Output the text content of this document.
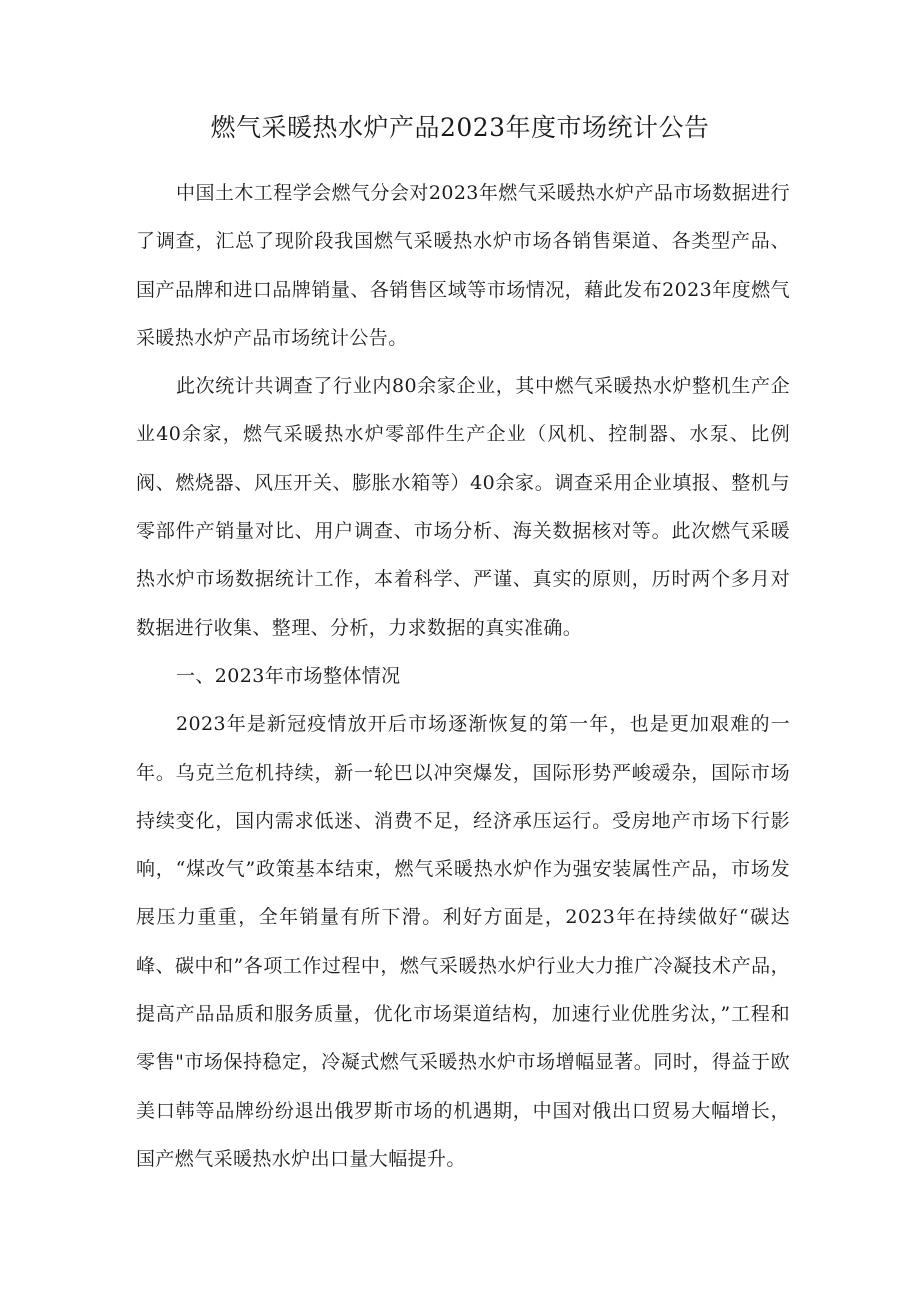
燃气采暖热水炉产品2023年度市场统计公告

中国土木工程学会燃气分会对2023年燃气采暖热水炉产品市场数据进行了调查，汇总了现阶段我国燃气采暖热水炉市场各销售渠道、各类型产品、国产品牌和进口品牌销量、各销售区域等市场情况，藉此发布2023年度燃气采暖热水炉产品市场统计公告。

此次统计共调查了行业内80余家企业，其中燃气采暖热水炉整机生产企业40余家，燃气采暖热水炉零部件生产企业（风机、控制器、水泵、比例阀、燃烧器、风压开关、膨胀水箱等）40余家。调查采用企业填报、整机与零部件产销量对比、用户调查、市场分析、海关数据核对等。此次燃气采暖热水炉市场数据统计工作，本着科学、严谨、真实的原则，历时两个多月对数据进行收集、整理、分析，力求数据的真实准确。

一、2023年市场整体情况

2023年是新冠疫情放开后市场逐渐恢复的第一年，也是更加艰难的一年。乌克兰危机持续，新一轮巴以冲突爆发，国际形势严峻叆杂，国际市场持续变化，国内需求低迷、消费不足，经济承压运行。受房地产市场下行影响，“煤改气”政策基本结束，燃气采暖热水炉作为强安装属性产品，市场发展压力重重，全年销量有所下滑。利好方面是，2023年在持续做好“碳达峰、碳中和”各项工作过程中，燃气采暖热水炉行业大力推广冷凝技术产品，提高产品品质和服务质量，优化市场渠道结构，加速行业优胜劣汰，”工程和零售"市场保持稳定，冷凝式燃气采暖热水炉市场增幅显著。同时，得益于欧美口韩等品牌纷纷退出俄罗斯市场的机遇期，中国对俄出口贸易大幅增长，国产燃气采暖热水炉出口量大幅提升。
